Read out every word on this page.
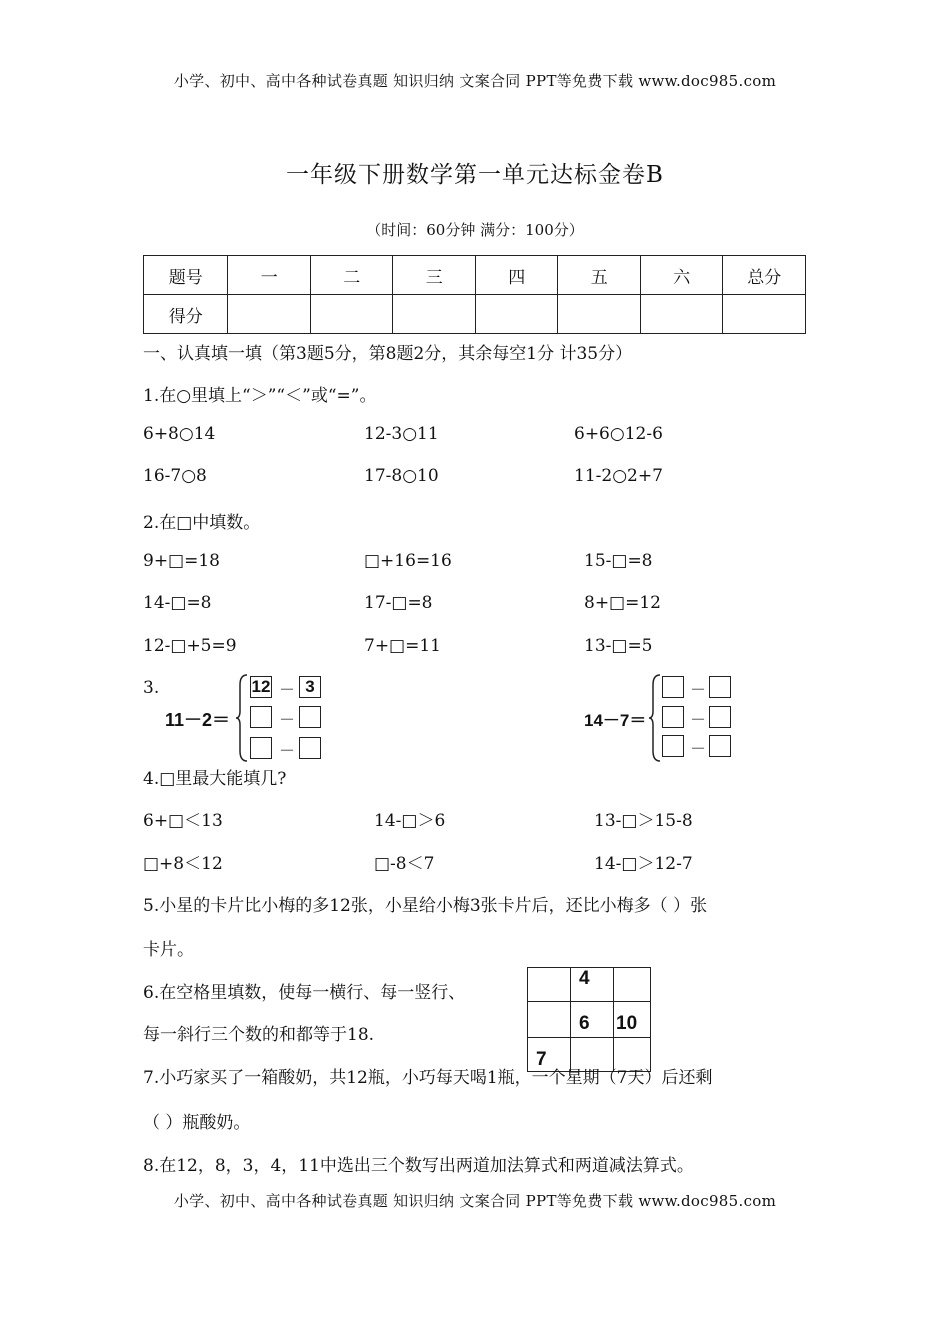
小学、初中、高中各种试卷真题 知识归纳 文案合同 PPT等免费下载 www.doc985.com
一年级下册数学第一单元达标金卷B
（时间：60分钟 满分：100分）
题号	一	二	三	四	五	六	总分
得分							
一、认真填一填（第3题5分，第8题2分，其余每空1分 计35分）
1.在○里填上“＞”“＜”或“=”。
6+8○14	12-3○11	6+6○12-6
16-7○8	17-8○10	11-2○2+7
2.在□中填数。
9+□=18	□+16=16	15-□=8
14-□=8	17-□=8	8+□=12
12-□+5=9	7+□=11	13-□=5
3.
11－2＝
12 － 3
－
－
14－7＝
－
－
－
4.□里最大能填几?
6+□＜13	14-□＞6	13-□＞15-8
□+8＜12	□-8＜7	14-□＞12-7
5.小星的卡片比小梅的多12张，小星给小梅3张卡片后，还比小梅多（ ）张
卡片。
6.在空格里填数，使每一横行、每一竖行、
每一斜行三个数的和都等于18.
	4	
	6	10
7		
7.小巧家买了一箱酸奶，共12瓶，小巧每天喝1瓶，一个星期（7天）后还剩
（ ）瓶酸奶。
8.在12，8，3，4，11中选出三个数写出两道加法算式和两道减法算式。
小学、初中、高中各种试卷真题 知识归纳 文案合同 PPT等免费下载 www.doc985.com
